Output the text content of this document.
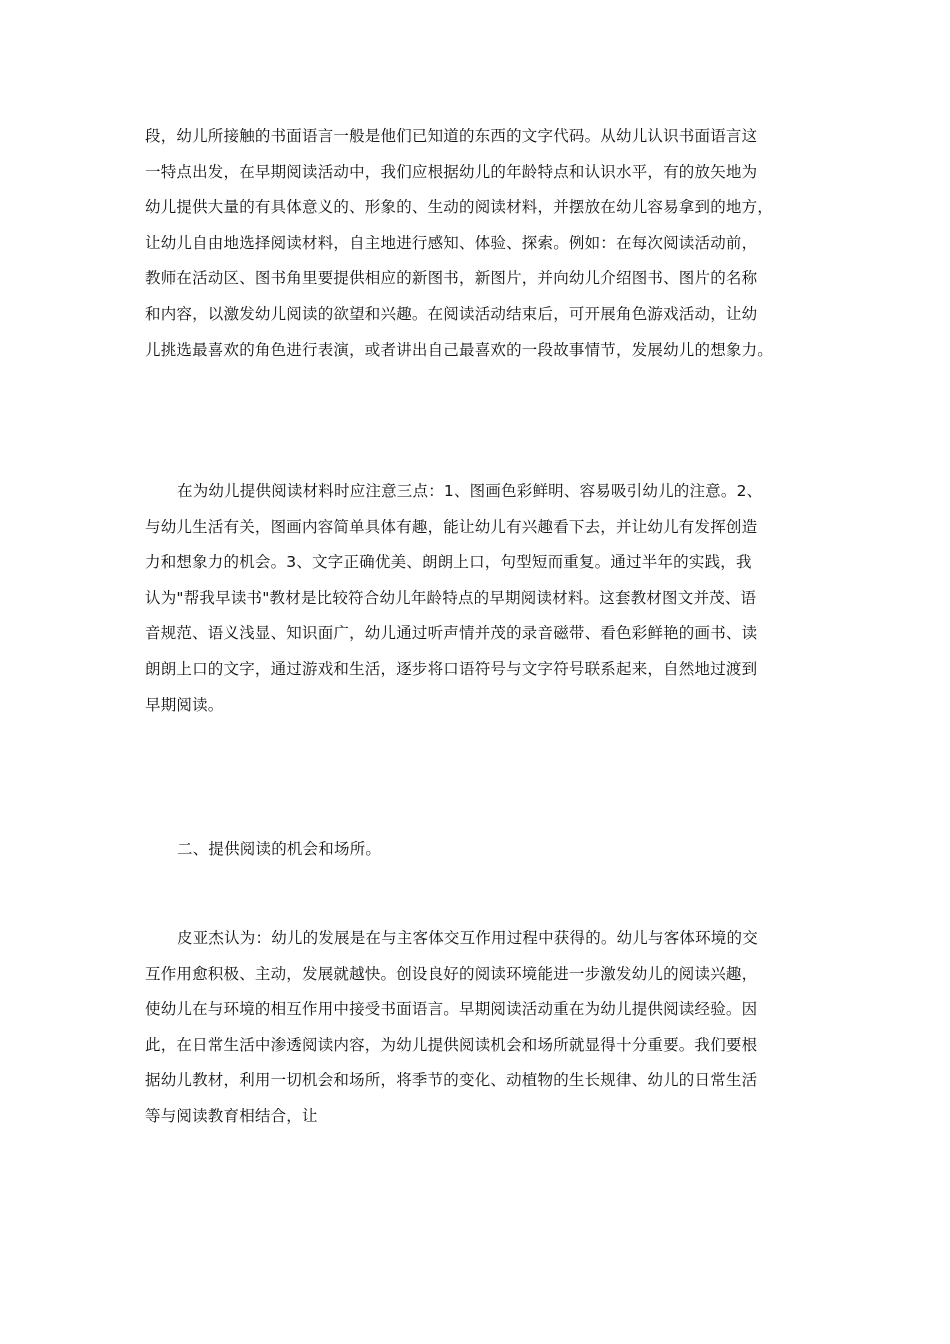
段，幼儿所接触的书面语言一般是他们已知道的东西的文字代码。从幼儿认识书面语言这
一特点出发，在早期阅读活动中，我们应根据幼儿的年龄特点和认识水平，有的放矢地为
幼儿提供大量的有具体意义的、形象的、生动的阅读材料，并摆放在幼儿容易拿到的地方，
让幼儿自由地选择阅读材料，自主地进行感知、体验、探索。例如：在每次阅读活动前，
教师在活动区、图书角里要提供相应的新图书，新图片，并向幼儿介绍图书、图片的名称
和内容，以激发幼儿阅读的欲望和兴趣。在阅读活动结束后，可开展角色游戏活动，让幼
儿挑选最喜欢的角色进行表演，或者讲出自己最喜欢的一段故事情节，发展幼儿的想象力。
在为幼儿提供阅读材料时应注意三点：1、图画色彩鲜明、容易吸引幼儿的注意。2、
与幼儿生活有关，图画内容简单具体有趣，能让幼儿有兴趣看下去，并让幼儿有发挥创造
力和想象力的机会。3、文字正确优美、朗朗上口，句型短而重复。通过半年的实践，我
认为"帮我早读书"教材是比较符合幼儿年龄特点的早期阅读材料。这套教材图文并茂、语
音规范、语义浅显、知识面广，幼儿通过听声情并茂的录音磁带、看色彩鲜艳的画书、读
朗朗上口的文字，通过游戏和生活，逐步将口语符号与文字符号联系起来，自然地过渡到
早期阅读。
二、提供阅读的机会和场所。
皮亚杰认为：幼儿的发展是在与主客体交互作用过程中获得的。幼儿与客体环境的交
互作用愈积极、主动，发展就越快。创设良好的阅读环境能进一步激发幼儿的阅读兴趣，
使幼儿在与环境的相互作用中接受书面语言。早期阅读活动重在为幼儿提供阅读经验。因
此，在日常生活中渗透阅读内容，为幼儿提供阅读机会和场所就显得十分重要。我们要根
据幼儿教材，利用一切机会和场所，将季节的变化、动植物的生长规律、幼儿的日常生活
等与阅读教育相结合，让
